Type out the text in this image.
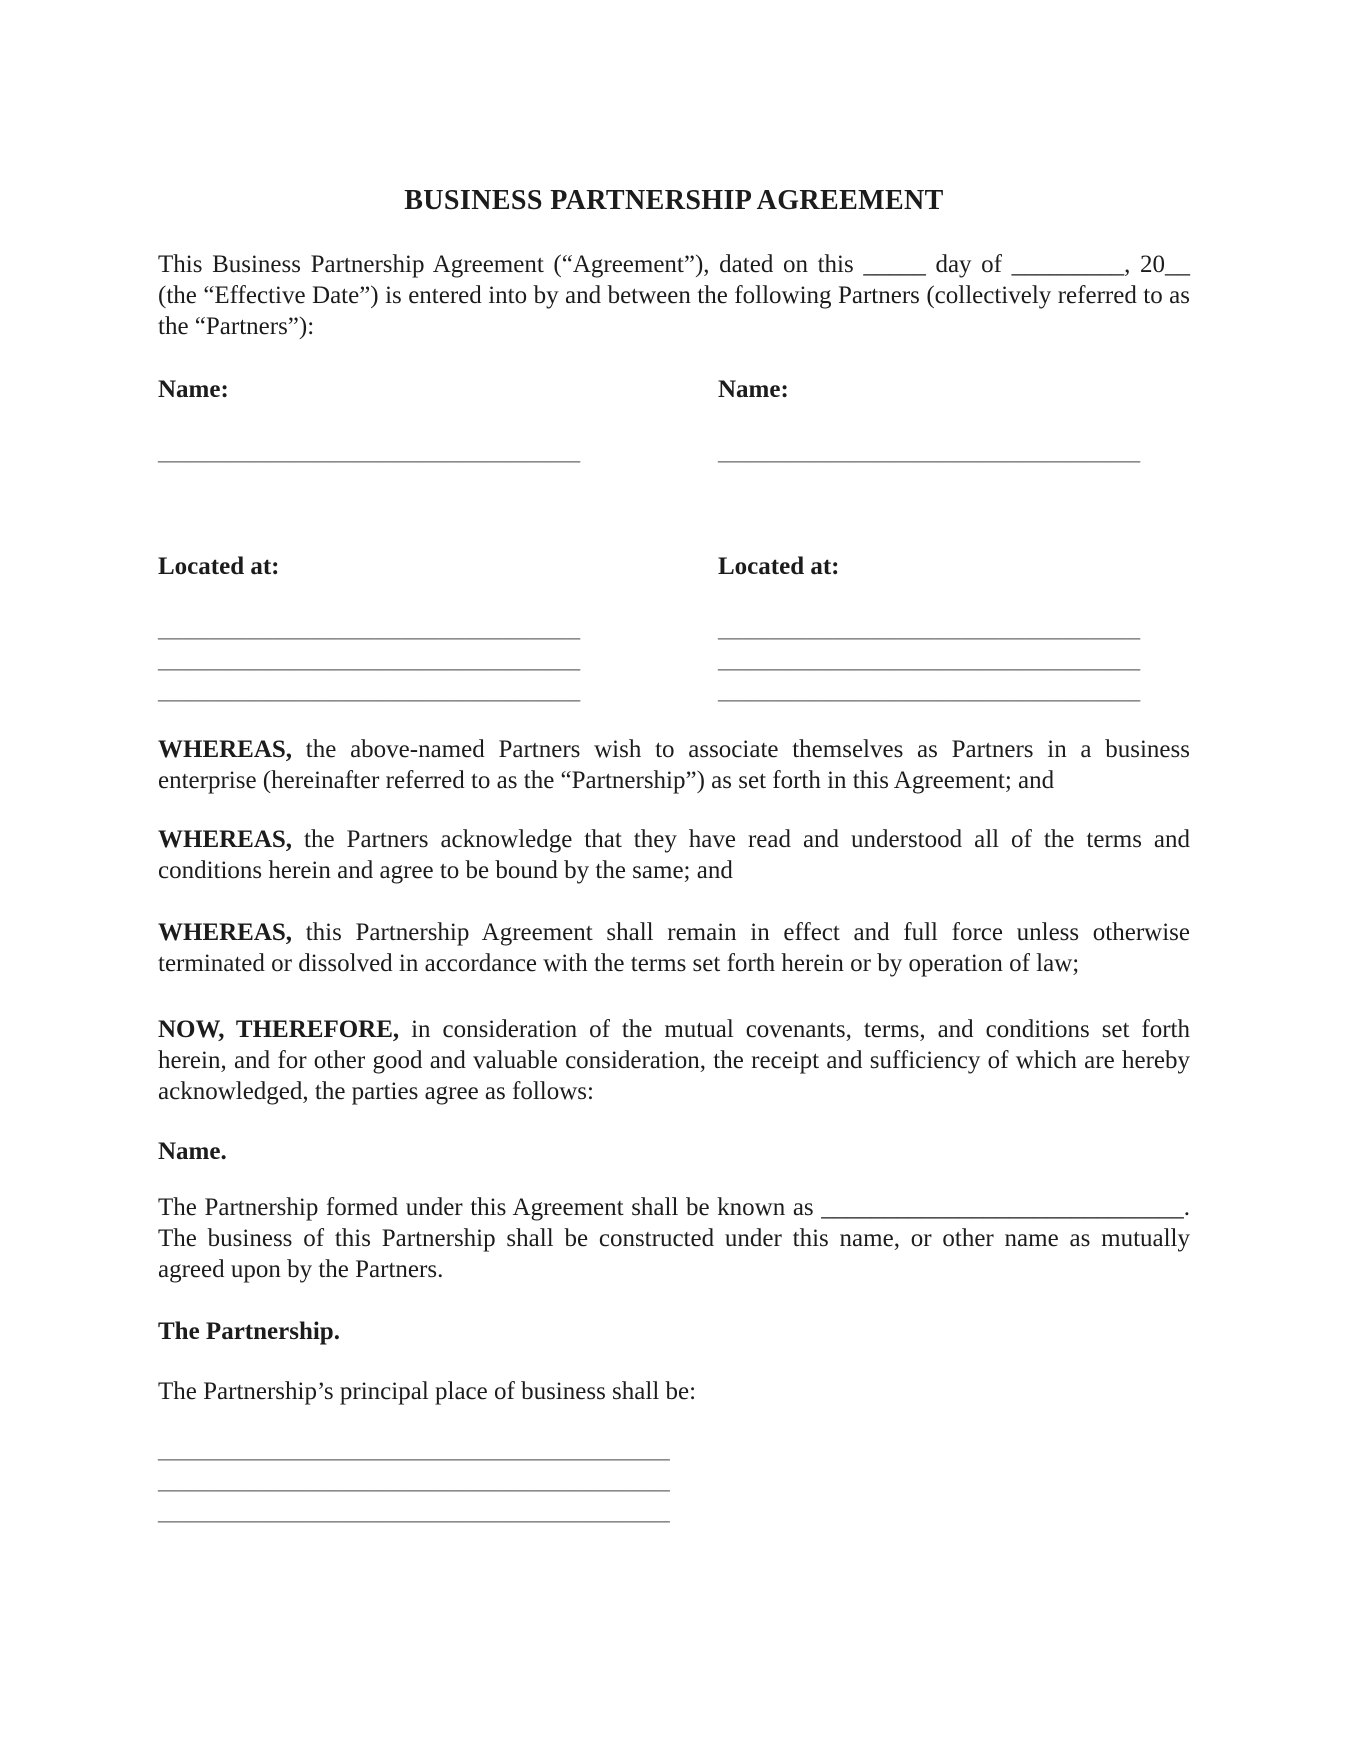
BUSINESS PARTNERSHIP AGREEMENT

This Business Partnership Agreement (“Agreement”), dated on this _____ day of _________, 20__ (the “Effective Date”) is entered into by and between the following Partners (collectively referred to as the “Partners”):

Name:

_________________________________

Located at:

_________________________________

_________________________________

_________________________________

Name:

_________________________________

Located at:

_________________________________

_________________________________

_________________________________

WHEREAS, the above-named Partners wish to associate themselves as Partners in a business enterprise (hereinafter referred to as the “Partnership”) as set forth in this Agreement; and

WHEREAS, the Partners acknowledge that they have read and understood all of the terms and conditions herein and agree to be bound by the same; and

WHEREAS, this Partnership Agreement shall remain in effect and full force unless otherwise terminated or dissolved in accordance with the terms set forth herein or by operation of law;

NOW, THEREFORE, in consideration of the mutual covenants, terms, and conditions set forth herein, and for other good and valuable consideration, the receipt and sufficiency of which are hereby acknowledged, the parties agree as follows:

Name.

The Partnership formed under this Agreement shall be known as _____________________________. The business of this Partnership shall be constructed under this name, or other name as mutually agreed upon by the Partners.

The Partnership.

The Partnership’s principal place of business shall be:

________________________________________

________________________________________

________________________________________
